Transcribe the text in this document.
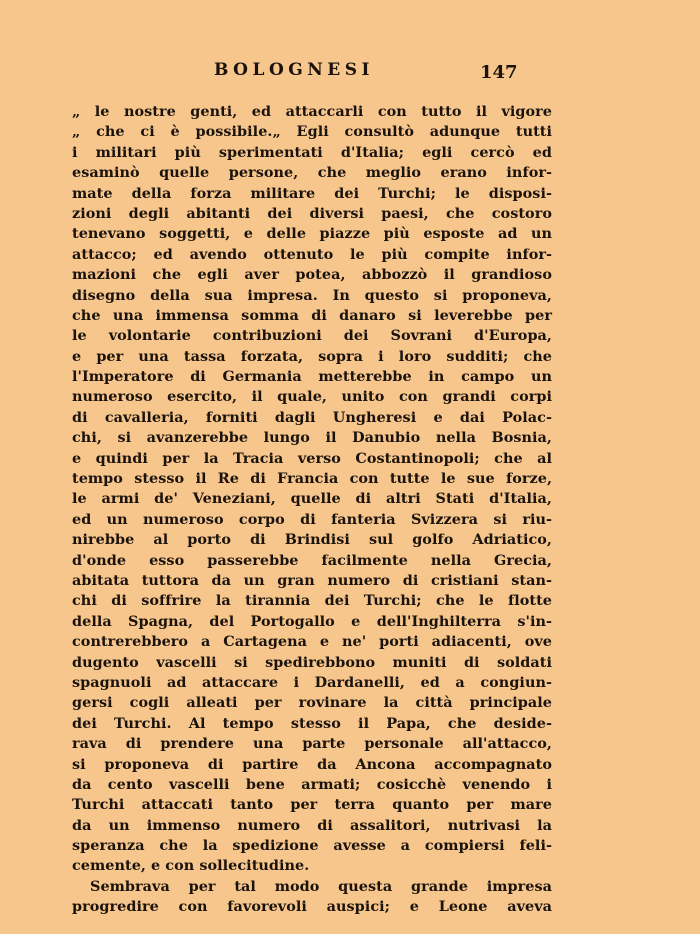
BOLOGNESI	147
„ le nostre genti, ed attaccarli con tutto il vigore
„ che ci è possibile.„ Egli consultò adunque tutti
i militari più sperimentati d'Italia; egli cercò ed
esaminò quelle persone, che meglio erano infor-
mate della forza militare dei Turchi; le disposi-
zioni degli abitanti dei diversi paesi, che costoro
tenevano soggetti, e delle piazze più esposte ad un
attacco; ed avendo ottenuto le più compite infor-
mazioni che egli aver potea, abbozzò il grandioso
disegno della sua impresa. In questo si proponeva,
che una immensa somma di danaro si leverebbe per
le volontarie contribuzioni dei Sovrani d'Europa,
e per una tassa forzata, sopra i loro sudditi; che
l'Imperatore di Germania metterebbe in campo un
numeroso esercito, il quale, unito con grandi corpi
di cavalleria, forniti dagli Ungheresi e dai Polac-
chi, si avanzerebbe lungo il Danubio nella Bosnia,
e quindi per la Tracia verso Costantinopoli; che al
tempo stesso il Re di Francia con tutte le sue forze,
le armi de' Veneziani, quelle di altri Stati d'Italia,
ed un numeroso corpo di fanteria Svizzera si riu-
nirebbe al porto di Brindisi sul golfo Adriatico,
d'onde esso passerebbe facilmente nella Grecia,
abitata tuttora da un gran numero di cristiani stan-
chi di soffrire la tirannia dei Turchi; che le flotte
della Spagna, del Portogallo e dell'Inghilterra s'in-
contrerebbero a Cartagena e ne' porti adiacenti, ove
dugento vascelli si spedirebbono muniti di soldati
spagnuoli ad attaccare i Dardanelli, ed a congiun-
gersi cogli alleati per rovinare la città principale
dei Turchi. Al tempo stesso il Papa, che deside-
rava di prendere una parte personale all'attacco,
si proponeva di partire da Ancona accompagnato
da cento vascelli bene armati; cosicchè venendo i
Turchi attaccati tanto per terra quanto per mare
da un immenso numero di assalitori, nutrivasi la
speranza che la spedizione avesse a compiersi feli-
cemente, e con sollecitudine.
Sembrava per tal modo questa grande impresa
progredire con favorevoli auspici; e Leone aveva
